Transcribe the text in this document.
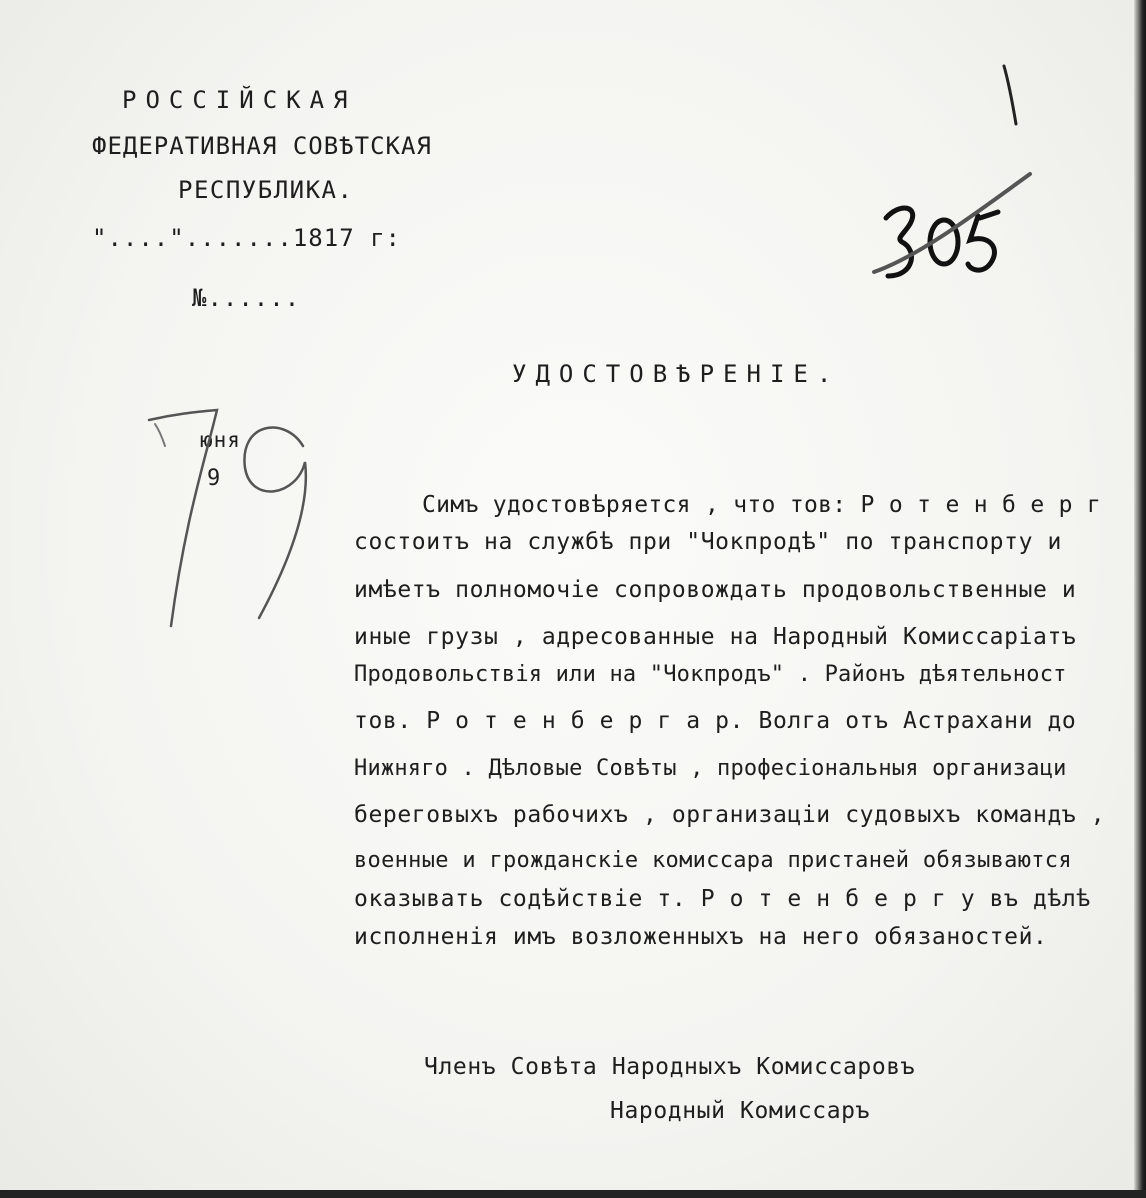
РОССІЙСКАЯ
ФЕДЕРАТИВНАЯ СОВѢТСКАЯ
РЕСПУБЛИКА.
"....".......1817 г:
№......
юня
9
УДОСТОВѢРЕНІЕ.
Симъ удостовѣряется , что тов: Р о т е н б е р г
состоитъ на службѣ при "Чокпродѣ" по транспорту и
имѣетъ полномочіе сопровождать продовольственные и
иные грузы , адресованные на Народный Комиссаріатъ
Продовольствія или на "Чокпродъ" . Районъ дѣятельност
тов. Р о т е н б е р г а р. Волга отъ Астрахани до
Нижняго . Дѣловые Совѣты , професіональныя организаци
береговыхъ рабочихъ , организаціи судовыхъ командъ ,
военные и грожданскіе комиссара пристаней обязываются
оказывать содѣйствіе т. Р о т е н б е р г у въ дѣлѣ
исполненія имъ возложенныхъ на него обязаностей.
Членъ Совѣта Народныхъ Комиссаровъ
Народный Комиссаръ
